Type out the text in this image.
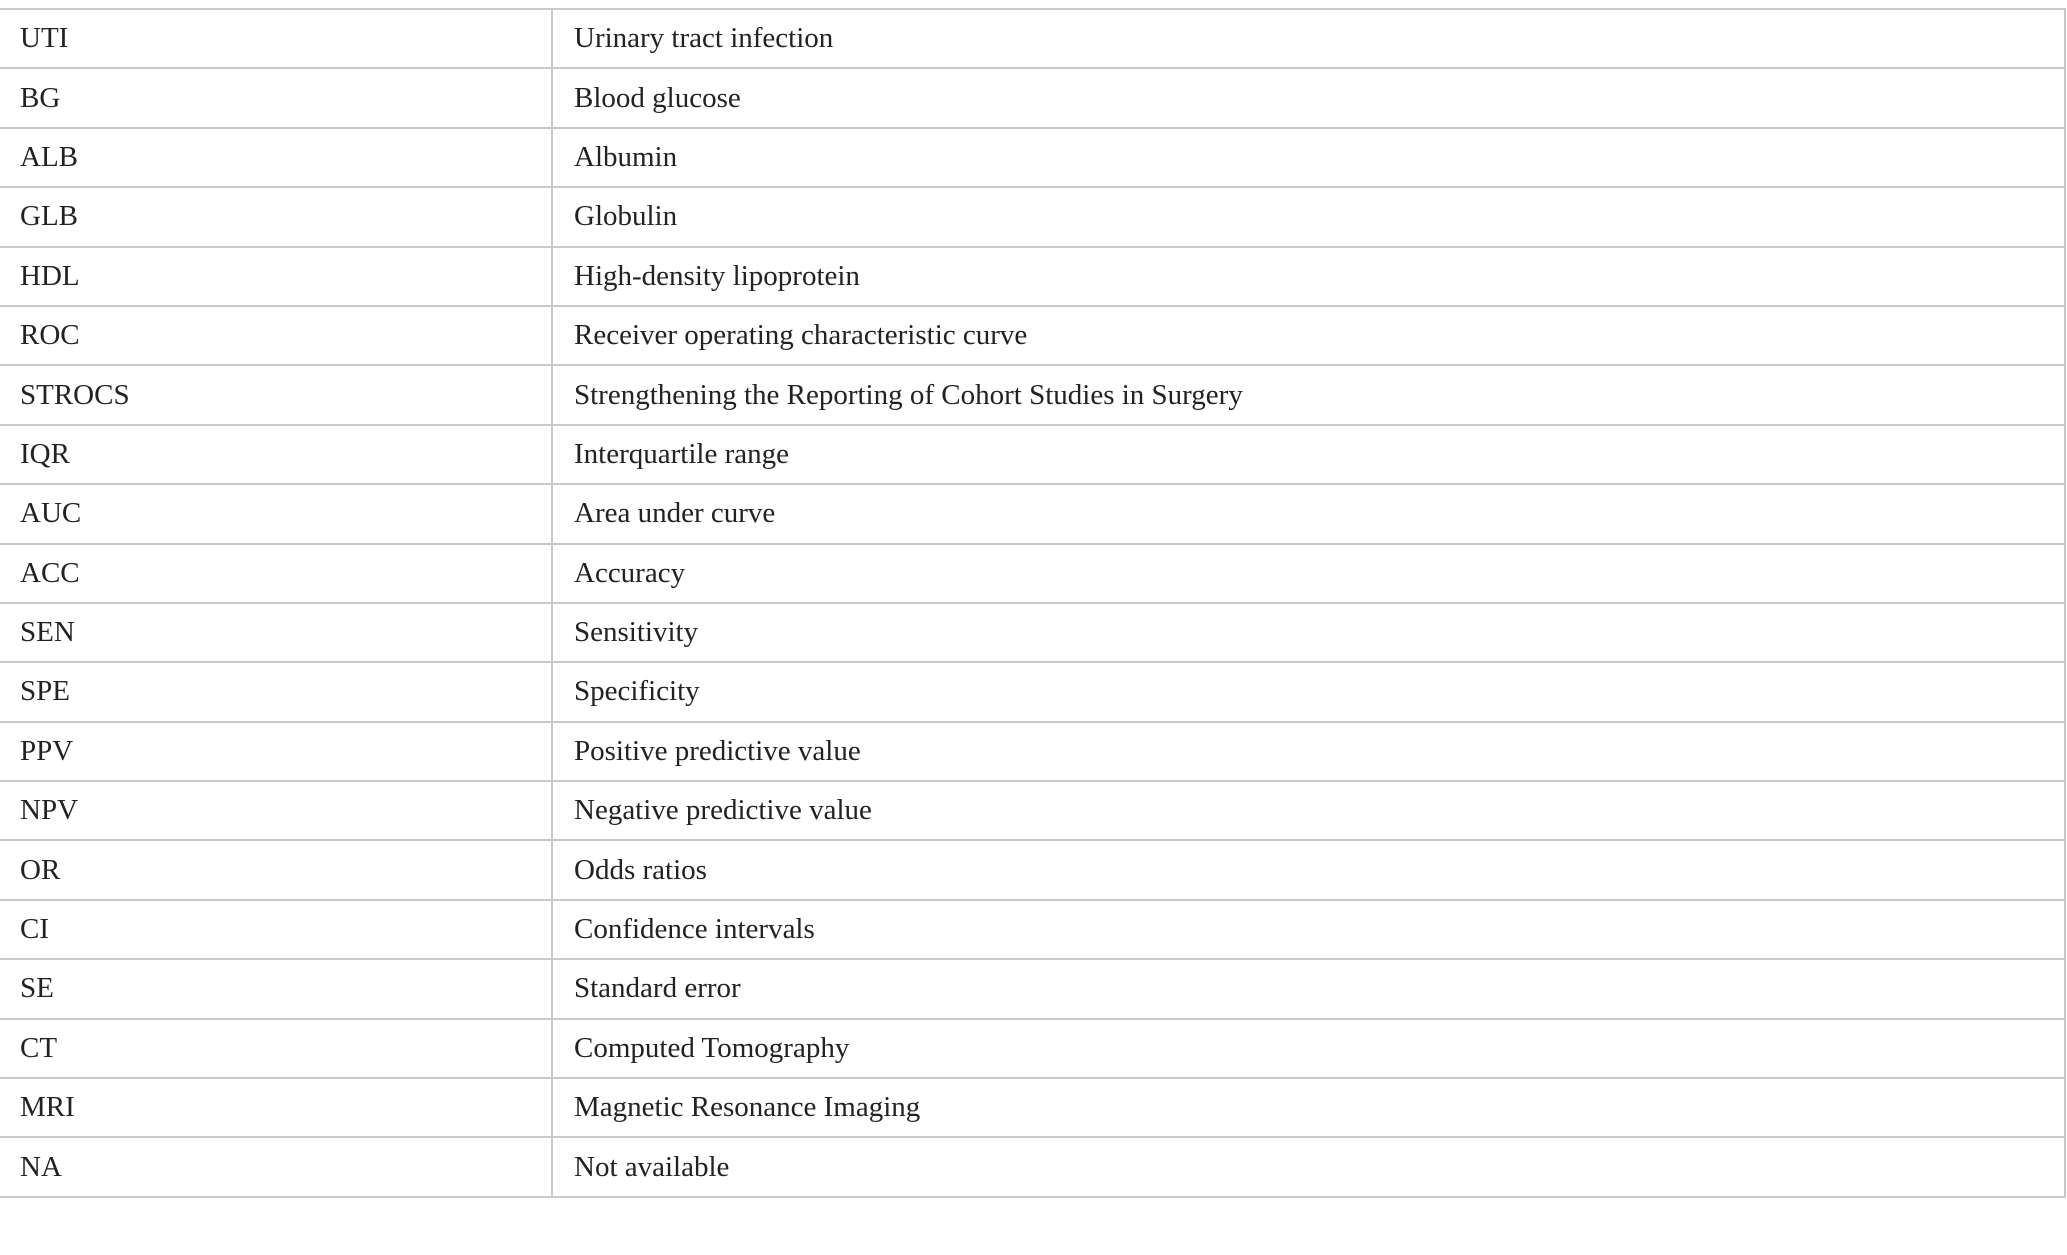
UTI	Urinary tract infection
BG	Blood glucose
ALB	Albumin
GLB	Globulin
HDL	High-density lipoprotein
ROC	Receiver operating characteristic curve
STROCS	Strengthening the Reporting of Cohort Studies in Surgery
IQR	Interquartile range
AUC	Area under curve
ACC	Accuracy
SEN	Sensitivity
SPE	Specificity
PPV	Positive predictive value
NPV	Negative predictive value
OR	Odds ratios
CI	Confidence intervals
SE	Standard error
CT	Computed Tomography
MRI	Magnetic Resonance Imaging
NA	Not available
